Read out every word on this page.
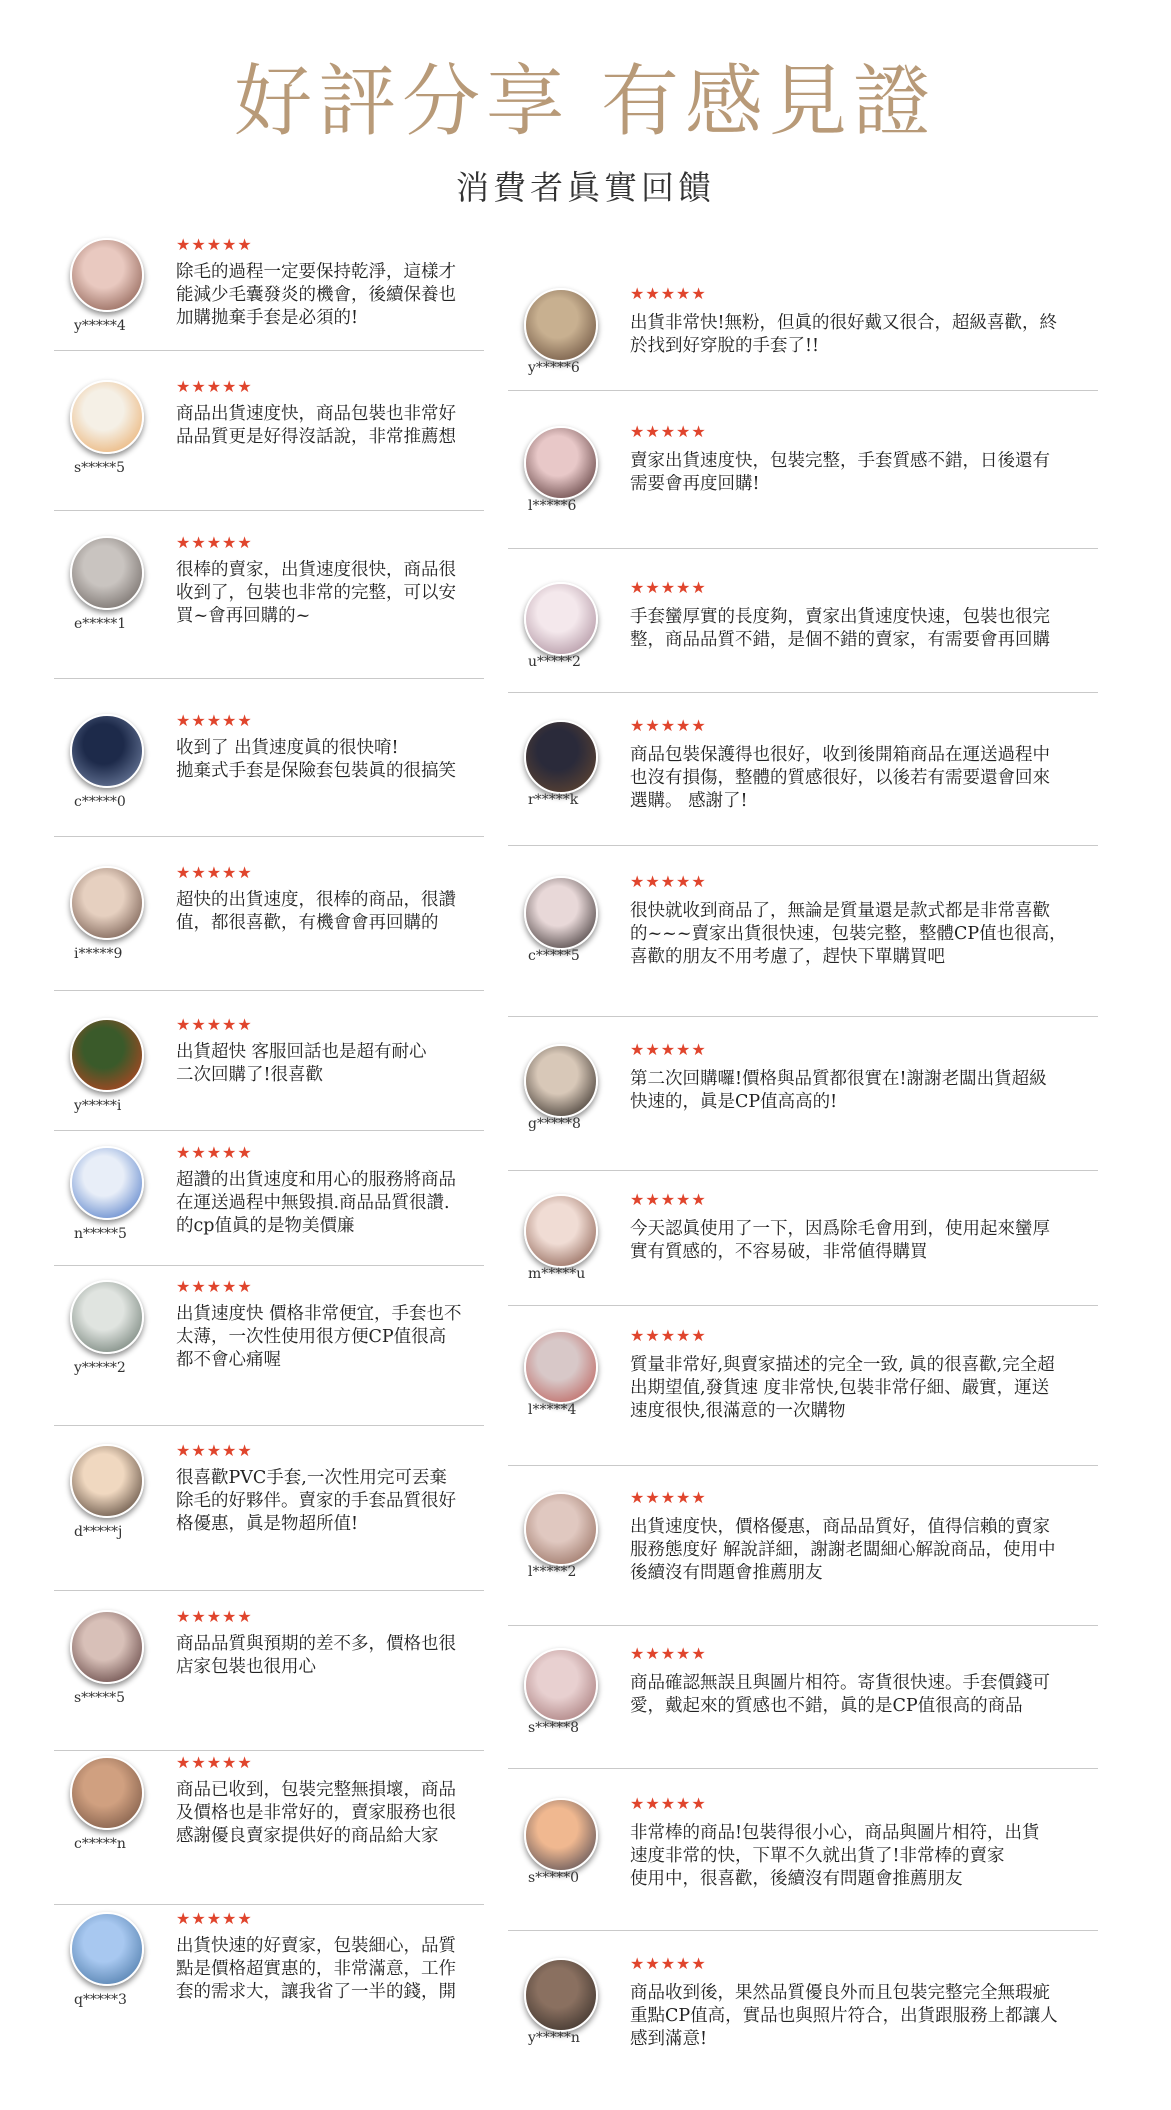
好評分享 有感見證
消費者眞實回饋
y*****4
★★★★★
除毛的過程一定要保持乾淨，這樣才
能減少毛囊發炎的機會，後續保養也
加購拋棄手套是必須的!
s*****5
★★★★★
商品出貨速度快，商品包裝也非常好
品品質更是好得沒話說，非常推薦想
e*****1
★★★★★
很棒的賣家，出貨速度很快，商品很
收到了，包裝也非常的完整，可以安
買~會再回購的~
c*****0
★★★★★
收到了 出貨速度眞的很快唷!
拋棄式手套是保險套包裝眞的很搞笑
i*****9
★★★★★
超快的出貨速度，很棒的商品，很讚
值，都很喜歡，有機會會再回購的
y*****i
★★★★★
出貨超快 客服回話也是超有耐心
二次回購了!很喜歡
n*****5
★★★★★
超讚的出貨速度和用心的服務將商品
在運送過程中無毀損.商品品質很讚.
的cp值眞的是物美價廉
y*****2
★★★★★
出貨速度快 價格非常便宜，手套也不
太薄，一次性使用很方便CP值很高
都不會心痛喔
d*****j
★★★★★
很喜歡PVC手套,一次性用完可丟棄
除毛的好夥伴。賣家的手套品質很好
格優惠，眞是物超所值!
s*****5
★★★★★
商品品質與預期的差不多，價格也很
店家包裝也很用心
c*****n
★★★★★
商品已收到，包裝完整無損壞，商品
及價格也是非常好的，賣家服務也很
感謝優良賣家提供好的商品給大家
q*****3
★★★★★
出貨快速的好賣家，包裝細心，品質
點是價格超實惠的，非常滿意，工作
套的需求大，讓我省了一半的錢，開
y*****6
★★★★★
出貨非常快!無粉，但眞的很好戴又很合，超級喜歡，終
於找到好穿脫的手套了!!
l*****6
★★★★★
賣家出貨速度快，包裝完整，手套質感不錯，日後還有
需要會再度回購!
u*****2
★★★★★
手套蠻厚實的長度夠，賣家出貨速度快速，包裝也很完
整，商品品質不錯，是個不錯的賣家，有需要會再回購
r*****k
★★★★★
商品包裝保護得也很好，收到後開箱商品在運送過程中
也沒有損傷，整體的質感很好，以後若有需要還會回來
選購。 感謝了!
c*****5
★★★★★
很快就收到商品了，無論是質量還是款式都是非常喜歡
的~~~賣家出貨很快速，包裝完整，整體CP值也很高，
喜歡的朋友不用考慮了，趕快下單購買吧
g*****8
★★★★★
第二次回購囉!價格與品質都很實在!謝謝老闆出貨超級
快速的，眞是CP值高高的!
m*****u
★★★★★
今天認眞使用了一下，因爲除毛會用到，使用起來蠻厚
實有質感的，不容易破，非常値得購買
l*****4
★★★★★
質量非常好,與賣家描述的完全一致, 眞的很喜歡,完全超
出期望值,發貨速 度非常快,包裝非常仔細、嚴實，運送
速度很快,很滿意的一次購物
l*****2
★★★★★
出貨速度快，價格優惠，商品品質好，值得信賴的賣家
服務態度好 解說詳細，謝謝老闆細心解說商品，使用中
後續沒有問題會推薦朋友
s*****8
★★★★★
商品確認無誤且與圖片相符。寄貨很快速。手套價錢可
愛，戴起來的質感也不錯，眞的是CP值很高的商品
s*****0
★★★★★
非常棒的商品!包裝得很小心，商品與圖片相符，出貨
速度非常的快，下單不久就出貨了!非常棒的賣家
使用中，很喜歡，後續沒有問題會推薦朋友
y*****n
★★★★★
商品收到後，果然品質優良外而且包裝完整完全無瑕疵
重點CP值高，實品也與照片符合，出貨跟服務上都讓人
感到滿意!
